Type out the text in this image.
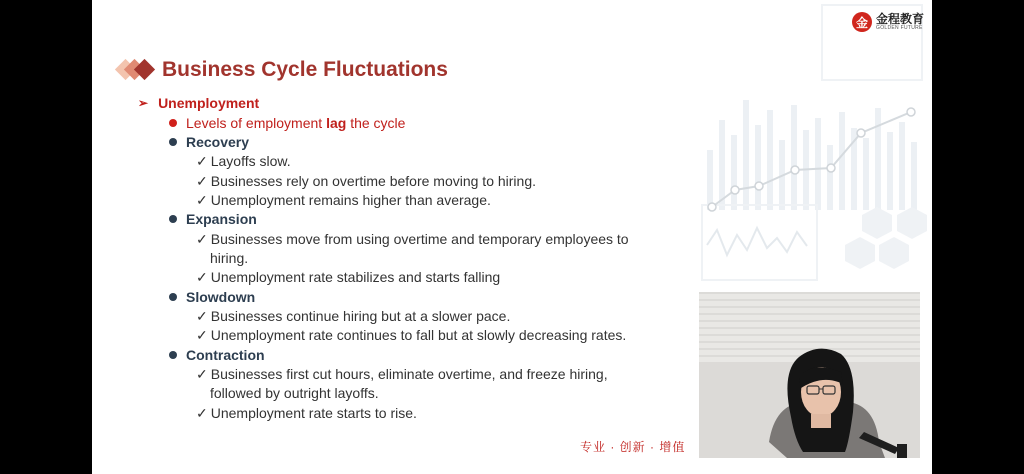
金 金程教育
GOLDEN FUTURE
Business Cycle Fluctuations
➢ Unemployment
Levels of employment lag the cycle
Recovery
✓ Layoffs slow.
✓ Businesses rely on overtime before moving to hiring.
✓ Unemployment remains higher than average.
Expansion
✓ Businesses move from using overtime and temporary employees to
hiring.
✓ Unemployment rate stabilizes and starts falling
Slowdown
✓ Businesses continue hiring but at a slower pace.
✓ Unemployment rate continues to fall but at slowly decreasing rates.
Contraction
✓ Businesses first cut hours, eliminate overtime, and freeze hiring,
followed by outright layoffs.
✓ Unemployment rate starts to rise.
专业 · 创新 · 增值
